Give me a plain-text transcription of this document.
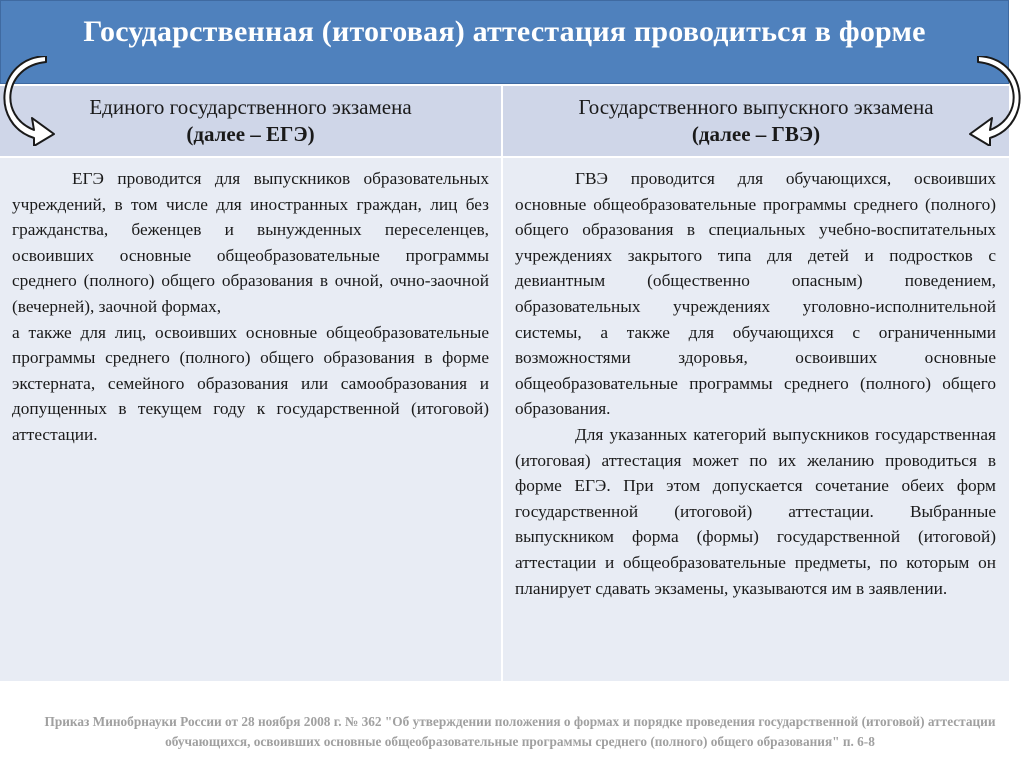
Государственная (итоговая) аттестация проводиться в форме
Единого государственного экзамена
(далее – ЕГЭ)
Государственного выпускного экзамена
(далее – ГВЭ)

ЕГЭ проводится для выпускников образовательных учреждений, в том числе для иностранных граждан, лиц без гражданства, беженцев и вынужденных переселенцев, освоивших основные общеобразовательные программы среднего (полного) общего образования в очной, очно-заочной (вечерней), заочной формах,

а также для лиц, освоивших основные общеобразовательные программы среднего (полного) общего образования в форме экстерната, семейного образования или самообразования и допущенных в текущем году к государственной (итоговой) аттестации.

ГВЭ проводится для обучающихся, освоивших основные общеобразовательные программы среднего (полного) общего образования в специальных учебно-воспитательных учреждениях закрытого типа для детей и подростков с девиантным (общественно опасным) поведением, образовательных учреждениях уголовно-исполнительной системы, а также для обучающихся с ограниченными возможностями здоровья, освоивших основные общеобразовательные программы среднего (полного) общего образования.

Для указанных категорий выпускников государственная (итоговая) аттестация может по их желанию проводиться в форме ЕГЭ. При этом допускается сочетание обеих форм государственной (итоговой) аттестации. Выбранные выпускником форма (формы) государственной (итоговой) аттестации и общеобразовательные предметы, по которым он планирует сдавать экзамены, указываются им в заявлении.

Приказ Минобрнауки России от 28 ноября 2008 г. № 362 "Об утверждении положения о формах и порядке проведения государственной (итоговой) аттестации обучающихся, освоивших основные общеобразовательные программы среднего (полного) общего образования" п. 6-8
